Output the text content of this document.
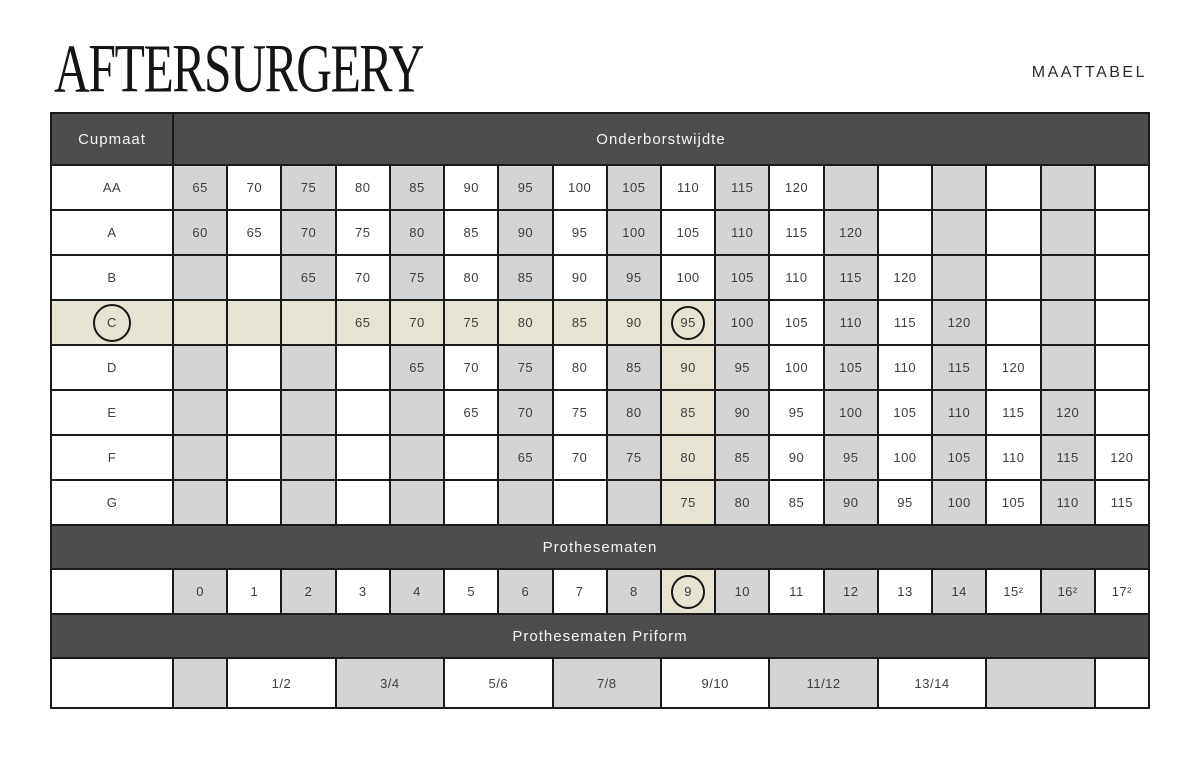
AFTERSURGERY	MAATTABEL
Cupmaat	Onderborstwijdte																	
AA	65	70	75	80	85	90	95	100	105	110	115	120						
A	60	65	70	75	80	85	90	95	100	105	110	115	120					
B			65	70	75	80	85	90	95	100	105	110	115	120				
C				65	70	75	80	85	90	95	100	105	110	115	120			
D					65	70	75	80	85	90	95	100	105	110	115	120		
E						65	70	75	80	85	90	95	100	105	110	115	120	
F							65	70	75	80	85	90	95	100	105	110	115	120
G										75	80	85	90	95	100	105	110	115
Prothesematen																		
	0	1	2	3	4	5	6	7	8	9	10	11	12	13	14	15²	16²	17²
Prothesematen Priform																		
		1/2		3/4		5/6		7/8		9/10		11/12		13/14				
